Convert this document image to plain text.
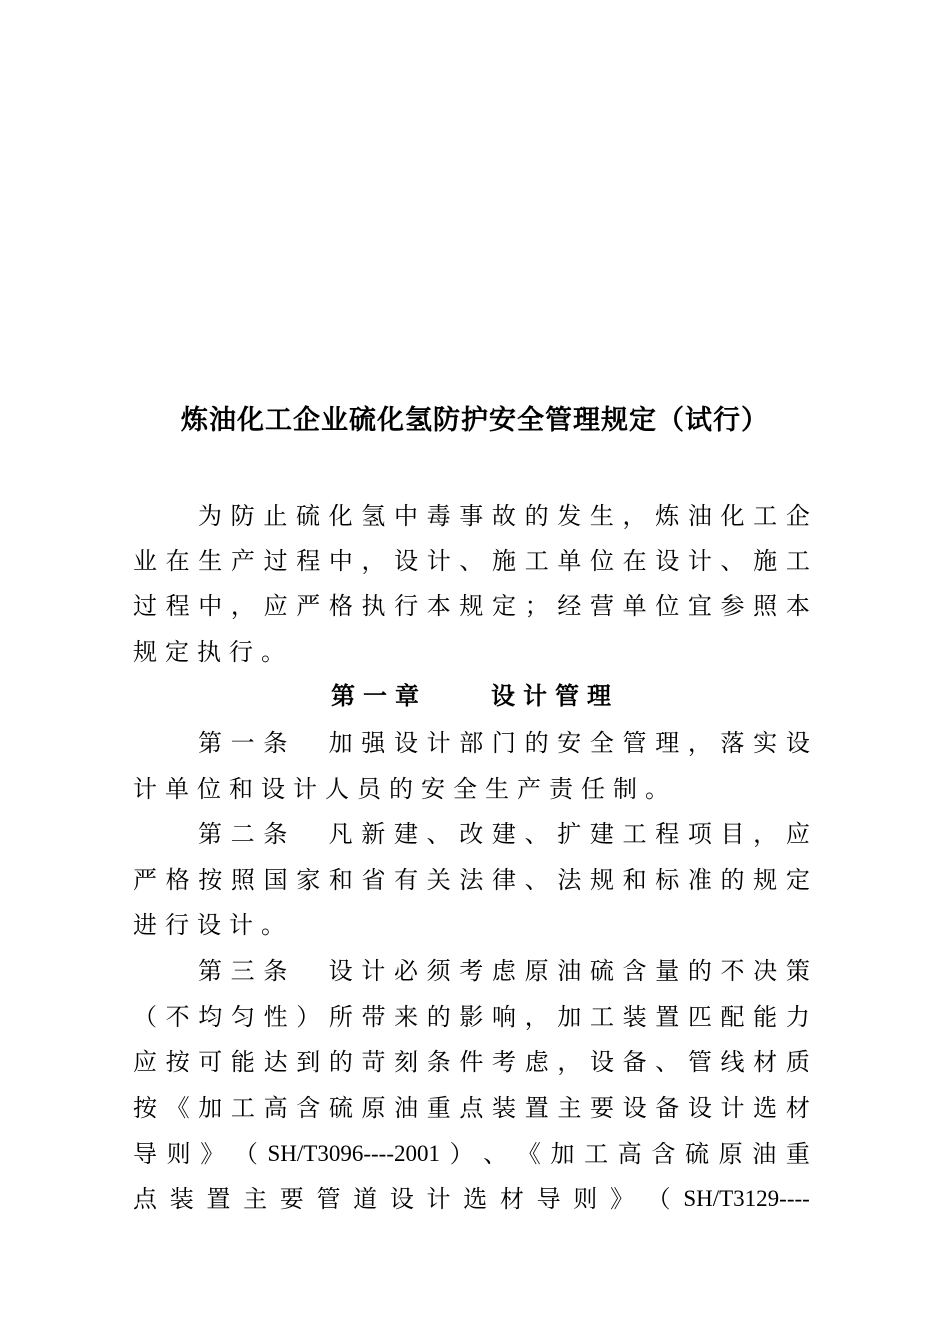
炼油化工企业硫化氢防护安全管理规定（试行）
为 防 止 硫 化 氢 中 毒 事 故 的 发 生 ， 炼 油 化 工 企
业 在 生 产 过 程 中 ， 设 计 、 施 工 单 位 在 设 计 、 施 工
过 程 中 ， 应 严 格 执 行 本 规 定 ； 经 营 单 位 宜 参 照 本
规 定 执 行 。
第一章　　设计管理
第 一 条
　 加 强 设 计 部 门 的 安 全 管 理 ， 落 实 设
计 单 位 和 设 计 人 员 的 安 全 生 产 责 任 制 。
第 二 条
　 凡 新 建 、 改 建 、 扩 建 工 程 项 目 ， 应
严 格 按 照 国 家 和 省 有 关 法 律 、 法 规 和 标 准 的 规 定
进 行 设 计 。
第 三 条
　 设 计 必 须 考 虑 原 油 硫 含 量 的 不 决 策
（ 不 均 匀 性 ） 所 带 来 的 影 响 ， 加 工 装 置 匹 配 能 力
应 按 可 能 达 到 的 苛 刻 条 件 考 虑 ， 设 备 、 管 线 材 质
按 《 加 工 高 含 硫 原 油 重 点 装 置 主 要 设 备 设 计 选 材
导 则 》 （ SH/T3096----2001 ） 、 《 加 工 高 含 硫 原 油 重
点 装 置 主 要 管 道 设 计 选 材 导 则 》 （ SH/T3129----
